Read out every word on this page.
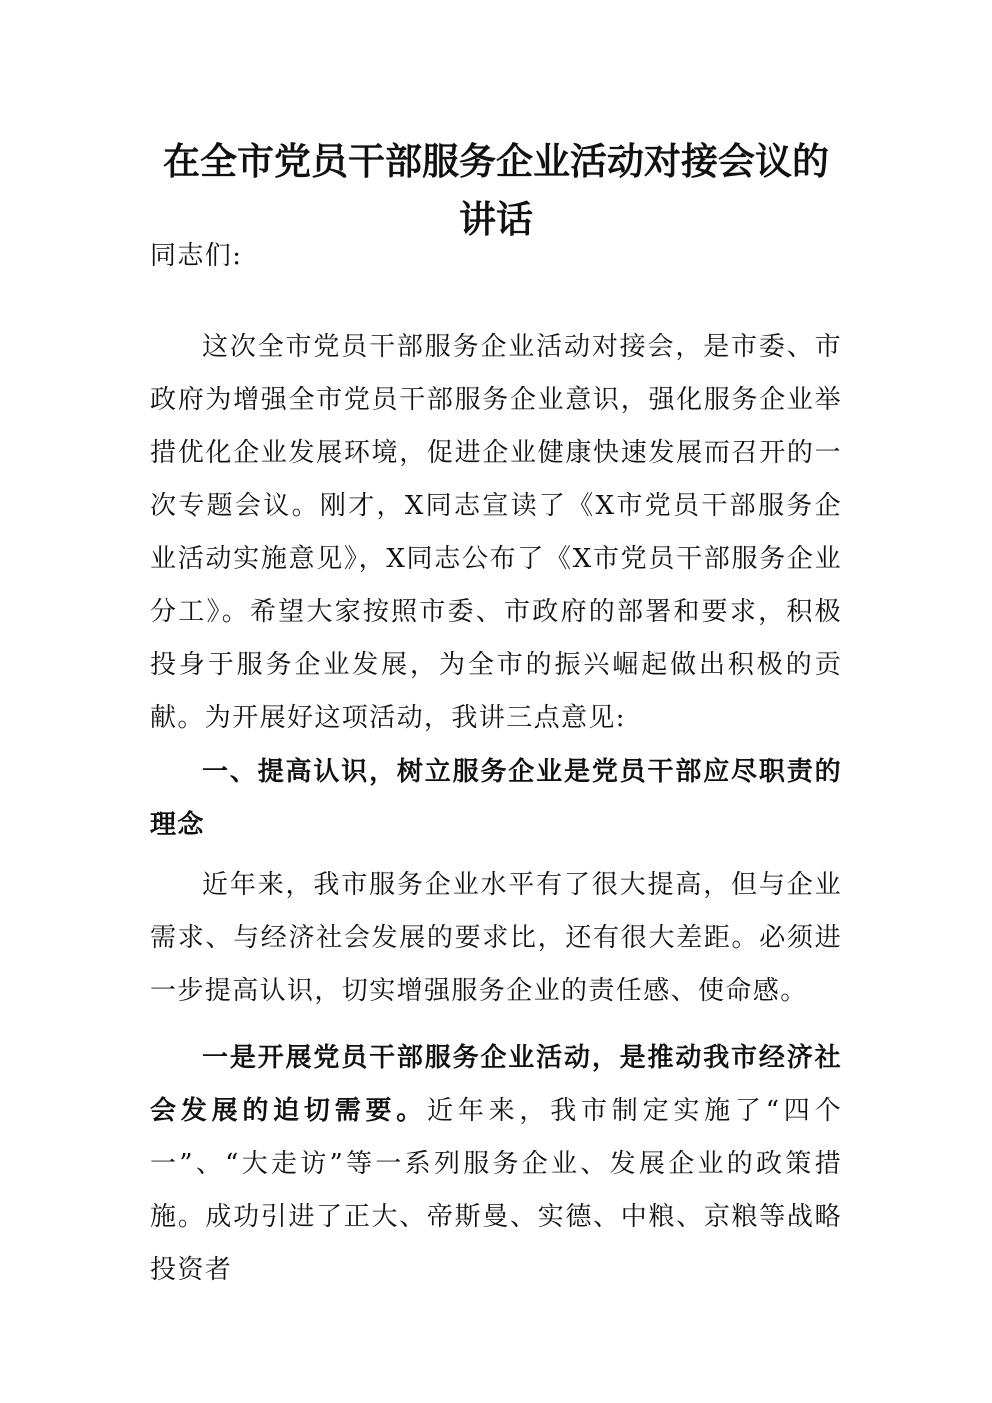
在全市党员干部服务企业活动对接会议的
讲话

同志们:

这次全市党员干部服务企业活动对接会，是市委、市政府为增强全市党员干部服务企业意识，强化服务企业举措优化企业发展环境，促进企业健康快速发展而召开的一次专题会议。刚才，X同志宣读了《X市党员干部服务企业活动实施意见》，X同志公布了《X市党员干部服务企业分工》。希望大家按照市委、市政府的部署和要求，积极投身于服务企业发展，为全市的振兴崛起做出积极的贡献。为开展好这项活动，我讲三点意见:

一、提高认识，树立服务企业是党员干部应尽职责的理念

近年来，我市服务企业水平有了很大提高，但与企业需求、与经济社会发展的要求比，还有很大差距。必须进一步提高认识，切实增强服务企业的责任感、使命感。

一是开展党员干部服务企业活动，是推动我市经济社会发展的迫切需要。近年来，我市制定实施了“四个一”、“大走访”等一系列服务企业、发展企业的政策措施。成功引进了正大、帝斯曼、实德、中粮、京粮等战略投资者
